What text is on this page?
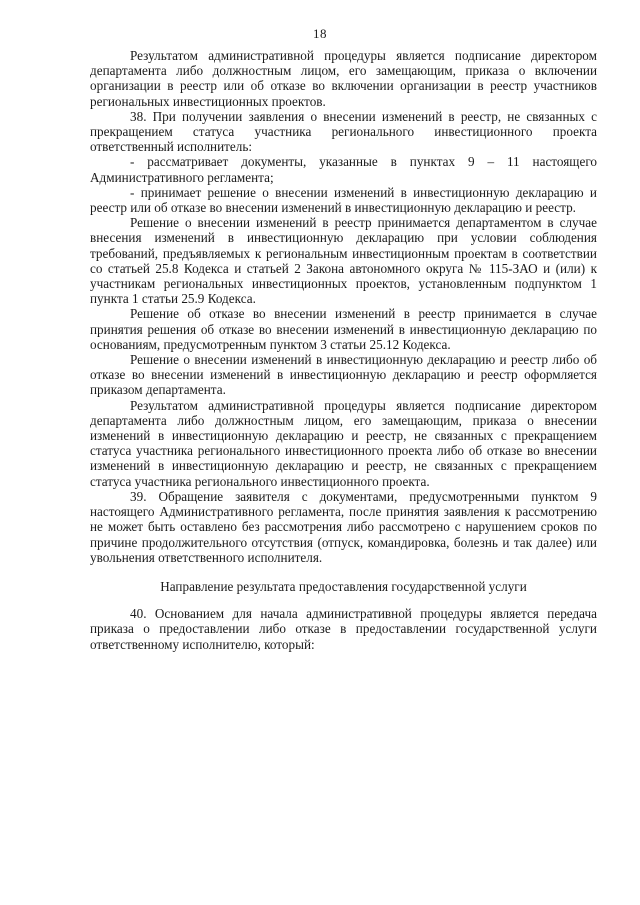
18

Результатом административной процедуры является подписание директором департамента либо должностным лицом, его замещающим, приказа о включении организации в реестр или об отказе во включении организации в реестр участников региональных инвестиционных проектов.

38. При получении заявления о внесении изменений в реестр, не связанных с прекращением статуса участника регионального инвестиционного проекта ответственный исполнитель:

- рассматривает документы, указанные в пунктах 9 – 11 настоящего Административного регламента;

- принимает решение о внесении изменений в инвестиционную декларацию и реестр или об отказе во внесении изменений в инвестиционную декларацию и реестр.

Решение о внесении изменений в реестр принимается департаментом в случае внесения изменений в инвестиционную декларацию при условии соблюдения требований, предъявляемых к региональным инвестиционным проектам в соответствии со статьей 25.8 Кодекса и статьей 2 Закона автономного округа № 115-ЗАО и (или) к участникам региональных инвестиционных проектов, установленным подпунктом 1 пункта 1 статьи 25.9 Кодекса.

Решение об отказе во внесении изменений в реестр принимается в случае принятия решения об отказе во внесении изменений в инвестиционную декларацию по основаниям, предусмотренным пунктом 3 статьи 25.12 Кодекса.

Решение о внесении изменений в инвестиционную декларацию и реестр либо об отказе во внесении изменений в инвестиционную декларацию и реестр оформляется приказом департамента.

Результатом административной процедуры является подписание директором департамента либо должностным лицом, его замещающим, приказа о внесении изменений в инвестиционную декларацию и реестр, не связанных с прекращением статуса участника регионального инвестиционного проекта либо об отказе во внесении изменений в инвестиционную декларацию и реестр, не связанных с прекращением статуса участника регионального инвестиционного проекта.

39. Обращение заявителя с документами, предусмотренными пунктом 9 настоящего Административного регламента, после принятия заявления к рассмотрению не может быть оставлено без рассмотрения либо рассмотрено с нарушением сроков по причине продолжительного отсутствия (отпуск, командировка, болезнь и так далее) или увольнения ответственного исполнителя.

Направление результата предоставления государственной услуги

40. Основанием для начала административной процедуры является передача приказа о предоставлении либо отказе в предоставлении государственной услуги ответственному исполнителю, который:
